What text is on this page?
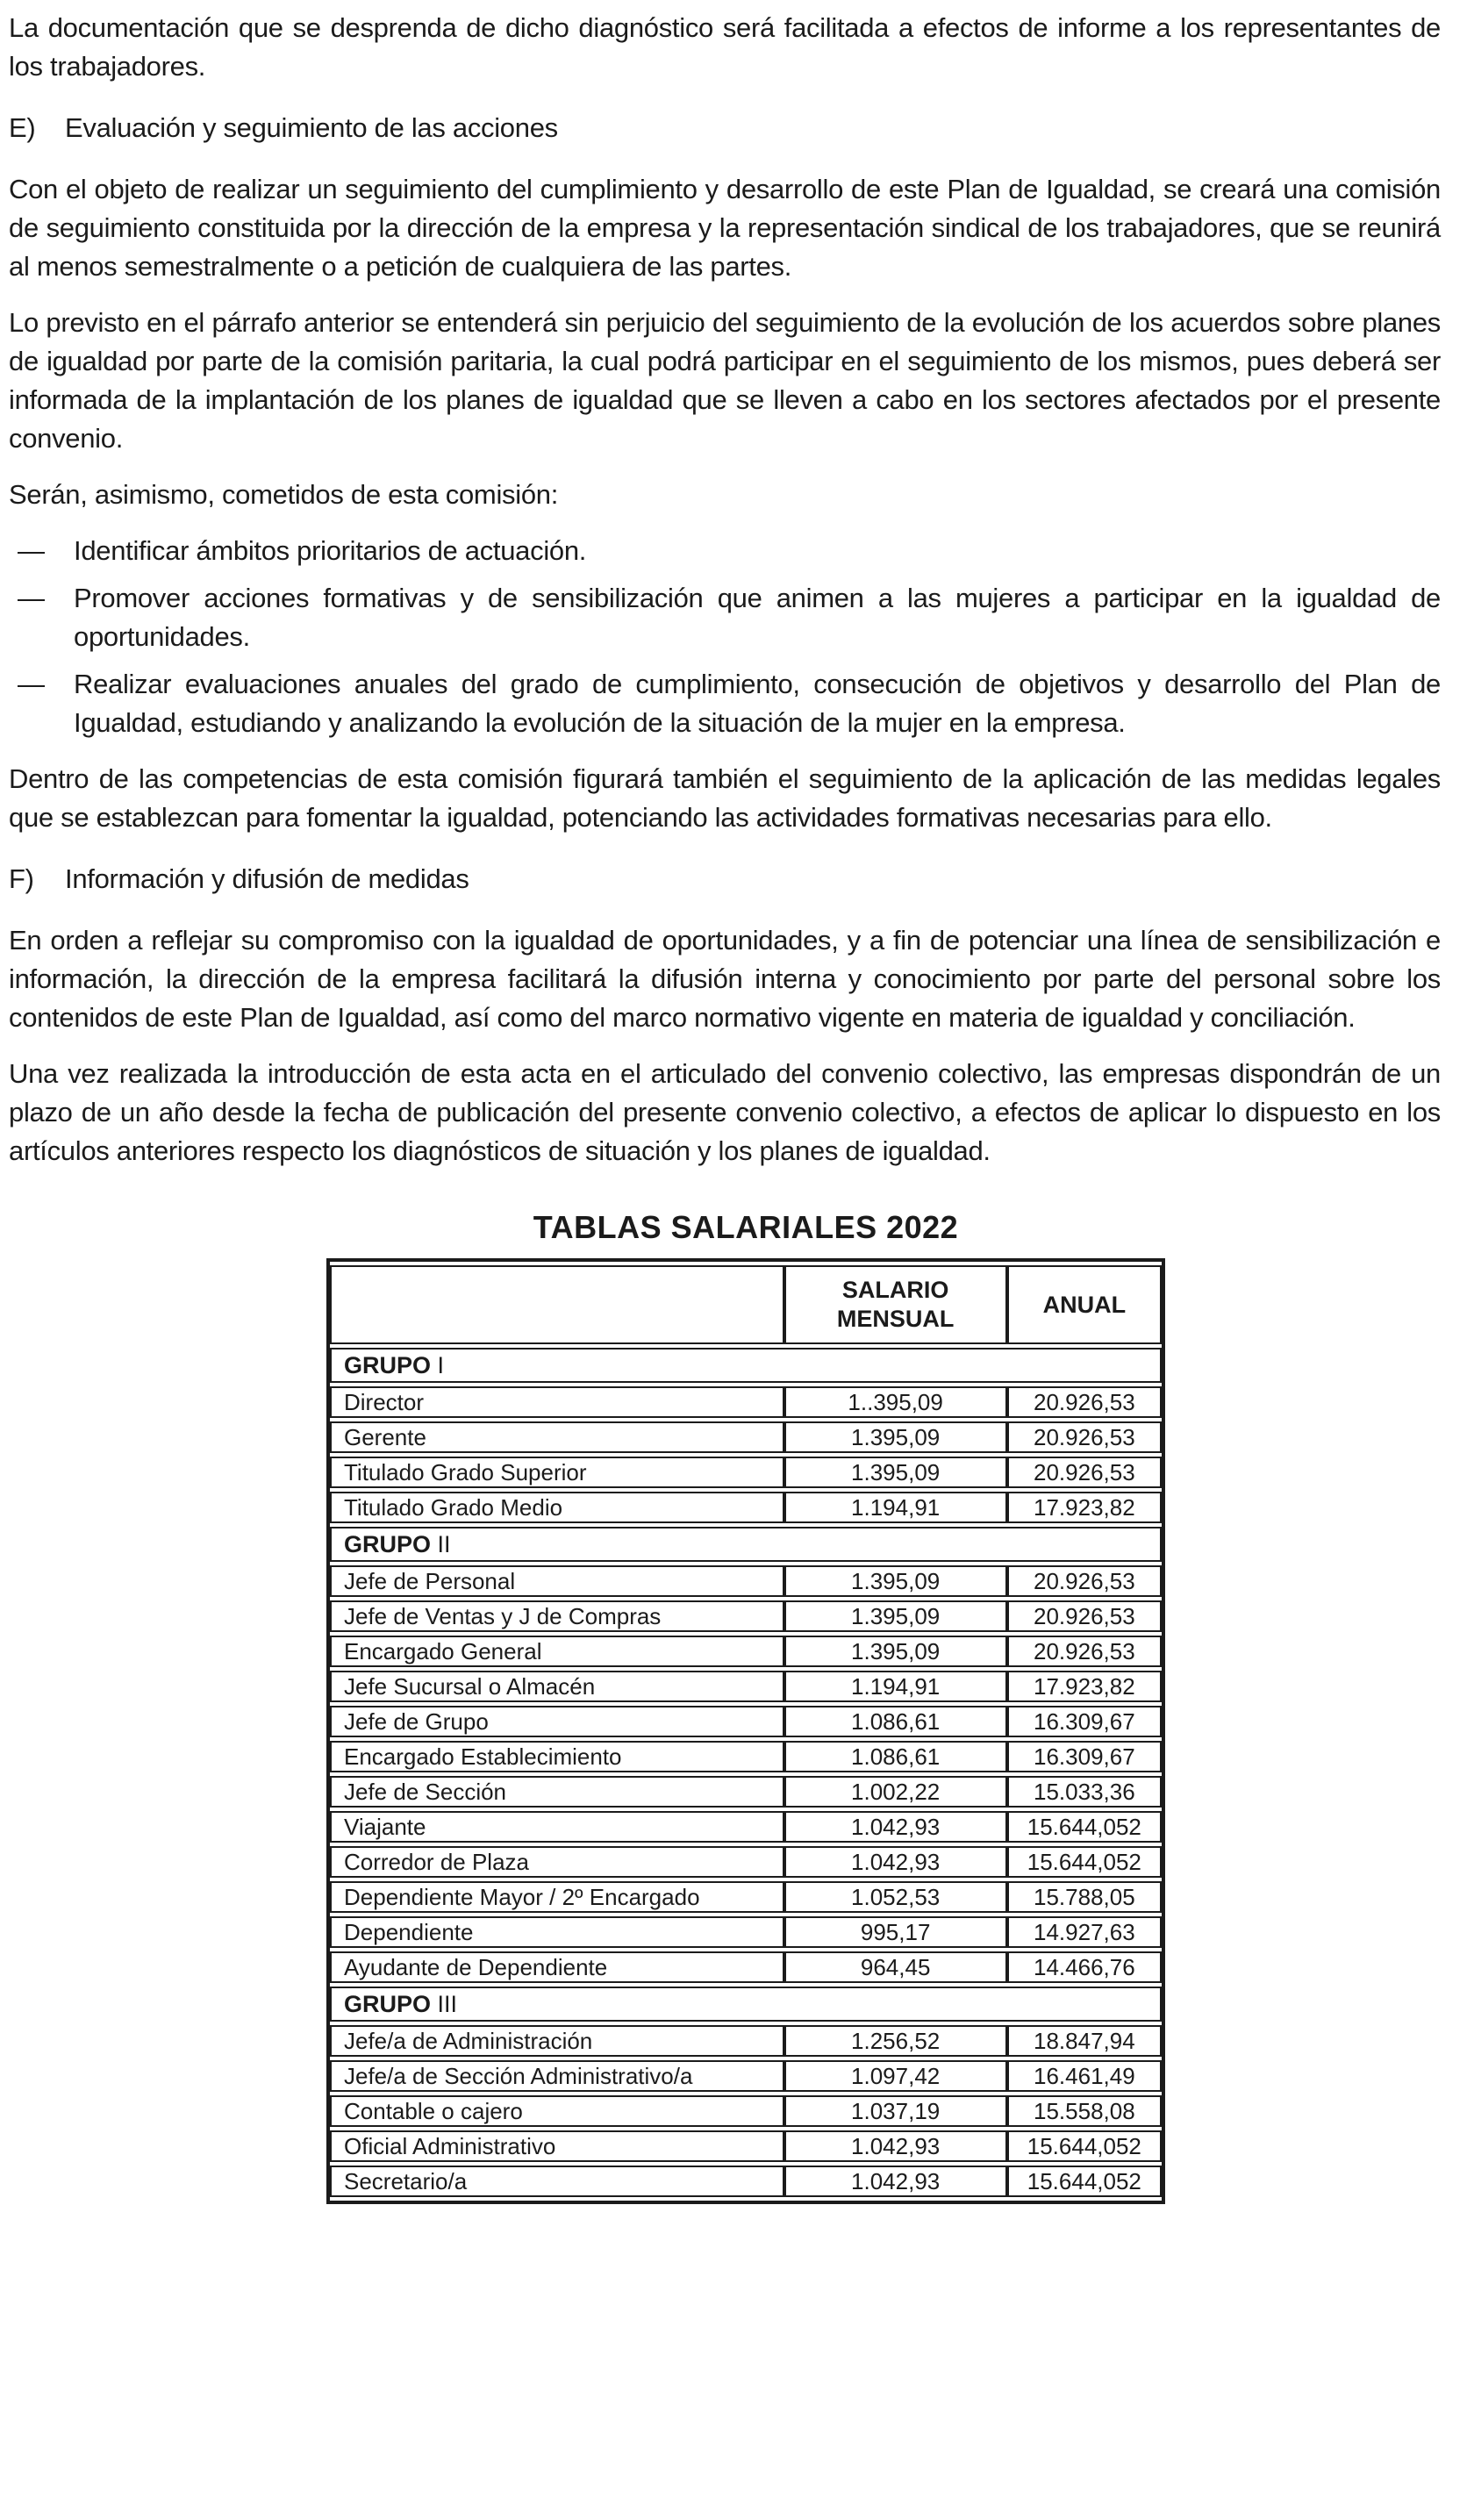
La documentación que se desprenda de dicho diagnóstico será facilitada a efectos de informe a los representantes de los trabajadores.

E)	Evaluación y seguimiento de las acciones

Con el objeto de realizar un seguimiento del cumplimiento y desarrollo de este Plan de Igualdad, se creará una comisión de seguimiento constituida por la dirección de la empresa y la representación sindical de los trabajadores, que se reunirá al menos semestralmente o a petición de cualquiera de las partes.

Lo previsto en el párrafo anterior se entenderá sin perjuicio del seguimiento de la evolución de los acuerdos sobre planes de igualdad por parte de la comisión paritaria, la cual podrá participar en el seguimiento de los mismos, pues deberá ser informada de la implantación de los planes de igualdad que se lleven a cabo en los sectores afectados por el presente convenio.

Serán, asimismo, cometidos de esta comisión:

— Identificar ámbitos prioritarios de actuación.
— Promover acciones formativas y de sensibilización que animen a las mujeres a participar en la igualdad de oportunidades.
— Realizar evaluaciones anuales del grado de cumplimiento, consecución de objetivos y desarrollo del Plan de Igualdad, estudiando y analizando la evolución de la situación de la mujer en la empresa.

Dentro de las competencias de esta comisión figurará también el seguimiento de la aplicación de las medidas legales que se establezcan para fomentar la igualdad, potenciando las actividades formativas necesarias para ello.

F)	Información y difusión de medidas

En orden a reflejar su compromiso con la igualdad de oportunidades, y a fin de potenciar una línea de sensibilización e información, la dirección de la empresa facilitará la difusión interna y conocimiento por parte del personal sobre los contenidos de este Plan de Igualdad, así como del marco normativo vigente en materia de igualdad y conciliación.

Una vez realizada la introducción de esta acta en el articulado del convenio colectivo, las empresas dispondrán de un plazo de un año desde la fecha de publicación del presente convenio colectivo, a efectos de aplicar lo dispuesto en los artículos anteriores respecto los diagnósticos de situación y los planes de igualdad.

TABLAS SALARIALES 2022
	SALARIO MENSUAL	ANUAL
GRUPO I		
Director	1..395,09	20.926,53
Gerente	1.395,09	20.926,53
Titulado Grado Superior	1.395,09	20.926,53
Titulado Grado Medio	1.194,91	17.923,82
GRUPO II		
Jefe de Personal	1.395,09	20.926,53
Jefe de Ventas y J de Compras	1.395,09	20.926,53
Encargado General	1.395,09	20.926,53
Jefe Sucursal o Almacén	1.194,91	17.923,82
Jefe de Grupo	1.086,61	16.309,67
Encargado Establecimiento	1.086,61	16.309,67
Jefe de Sección	1.002,22	15.033,36
Viajante	1.042,93	15.644,052
Corredor de Plaza	1.042,93	15.644,052
Dependiente Mayor / 2º Encargado	1.052,53	15.788,05
Dependiente	995,17	14.927,63
Ayudante de Dependiente	964,45	14.466,76
GRUPO III		
Jefe/a de Administración	1.256,52	18.847,94
Jefe/a de Sección Administrativo/a	1.097,42	16.461,49
Contable o cajero	1.037,19	15.558,08
Oficial Administrativo	1.042,93	15.644,052
Secretario/a	1.042,93	15.644,052
